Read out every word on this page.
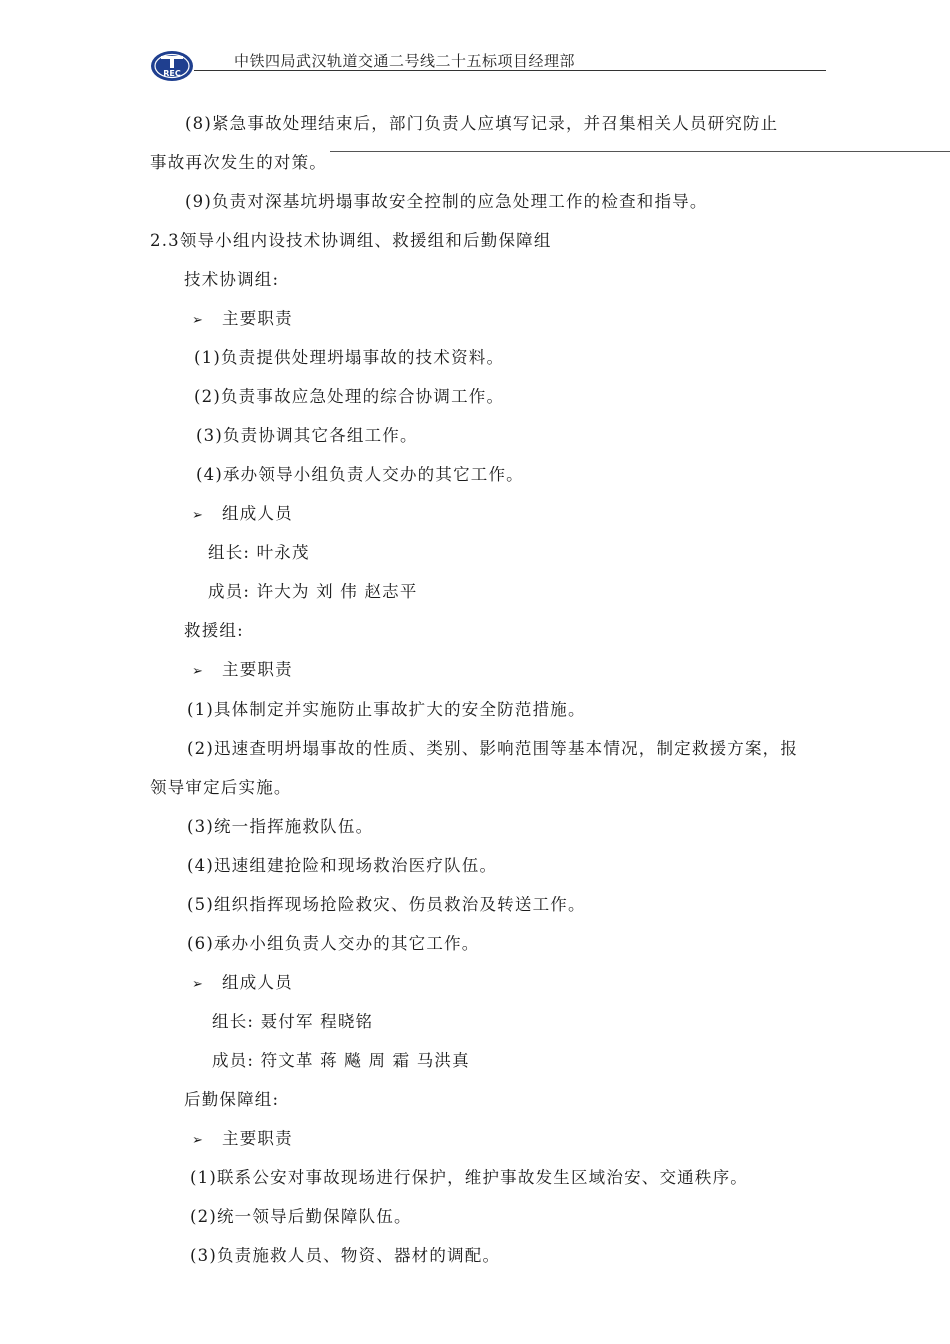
REC
中铁四局武汉轨道交通二号线二十五标项目经理部
(8)紧急事故处理结束后，部门负责人应填写记录，并召集相关人员研究防止
事故再次发生的对策。
(9)负责对深基坑坍塌事故安全控制的应急处理工作的检查和指导。
2.3领导小组内设技术协调组、救援组和后勤保障组
技术协调组:
➢ 主要职责
(1)负责提供处理坍塌事故的技术资料。
(2)负责事故应急处理的综合协调工作。
(3)负责协调其它各组工作。
(4)承办领导小组负责人交办的其它工作。
➢ 组成人员
组长: 叶永茂
成员: 许大为 刘 伟 赵志平
救援组:
➢ 主要职责
(1)具体制定并实施防止事故扩大的安全防范措施。
(2)迅速查明坍塌事故的性质、类别、影响范围等基本情况，制定救援方案，报
领导审定后实施。
(3)统一指挥施救队伍。
(4)迅速组建抢险和现场救治医疗队伍。
(5)组织指挥现场抢险救灾、伤员救治及转送工作。
(6)承办小组负责人交办的其它工作。
➢ 组成人员
组长: 聂付军 程晓铭
成员: 符文革 蒋 飚 周 霜 马洪真
后勤保障组:
➢ 主要职责
(1)联系公安对事故现场进行保护，维护事故发生区域治安、交通秩序。
(2)统一领导后勤保障队伍。
(3)负责施救人员、物资、器材的调配。
